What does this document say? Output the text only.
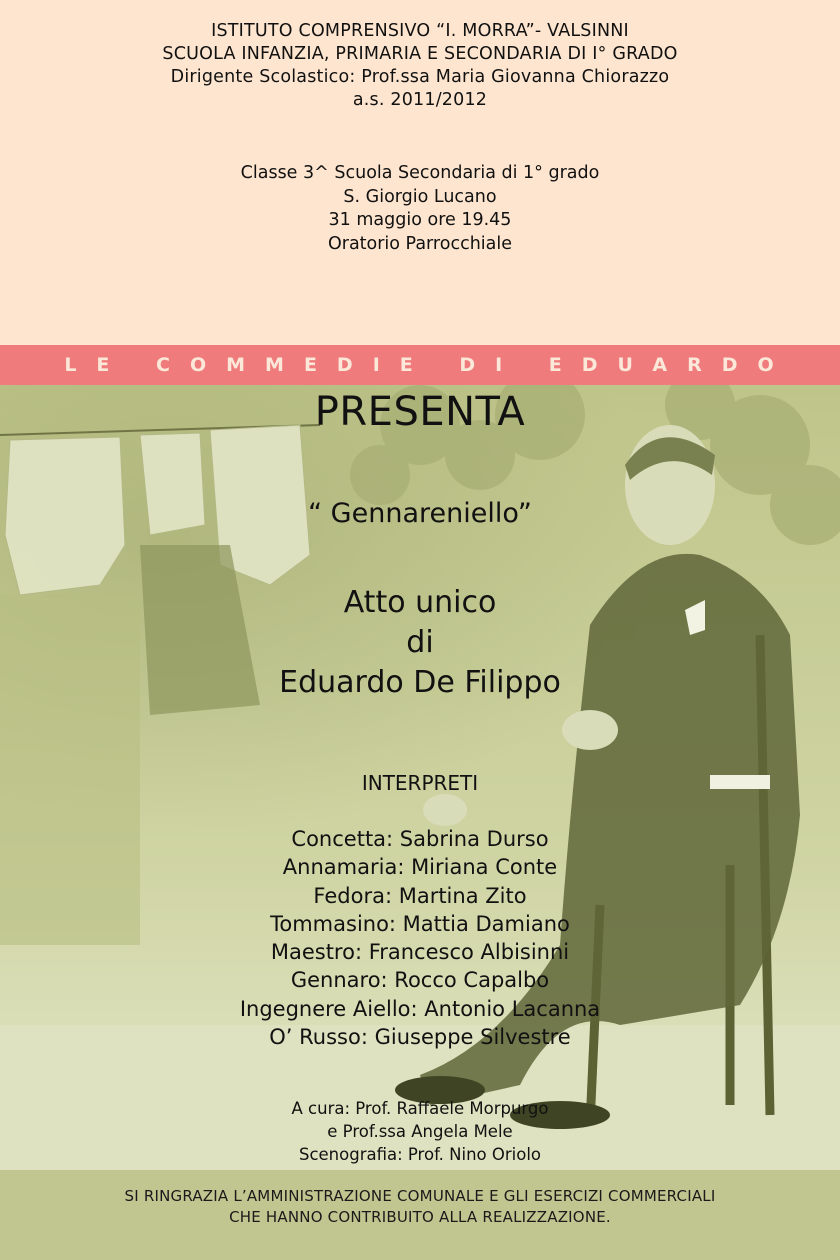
ISTITUTO COMPRENSIVO “I. MORRA”- VALSINNI
SCUOLA INFANZIA, PRIMARIA E SECONDARIA DI I° GRADO
Dirigente Scolastico: Prof.ssa Maria Giovanna Chiorazzo
a.s. 2011/2012
Classe 3^ Scuola Secondaria di 1° grado
S. Giorgio Lucano
31 maggio ore 19.45
Oratorio Parrocchiale
LE COMMEDIE DI EDUARDO
PRESENTA
“ Gennareniello”
Atto unico
di
Eduardo De Filippo
INTERPRETI
Concetta: Sabrina Durso
Annamaria: Miriana Conte
Fedora: Martina Zito
Tommasino: Mattia Damiano
Maestro: Francesco Albisinni
Gennaro: Rocco Capalbo
Ingegnere Aiello: Antonio Lacanna
O’ Russo: Giuseppe Silvestre
A cura: Prof. Raffaele Morpurgo
e Prof.ssa Angela Mele
Scenografia: Prof. Nino Oriolo
SI RINGRAZIA L’AMMINISTRAZIONE COMUNALE E GLI ESERCIZI COMMERCIALI
CHE HANNO CONTRIBUITO ALLA REALIZZAZIONE.
